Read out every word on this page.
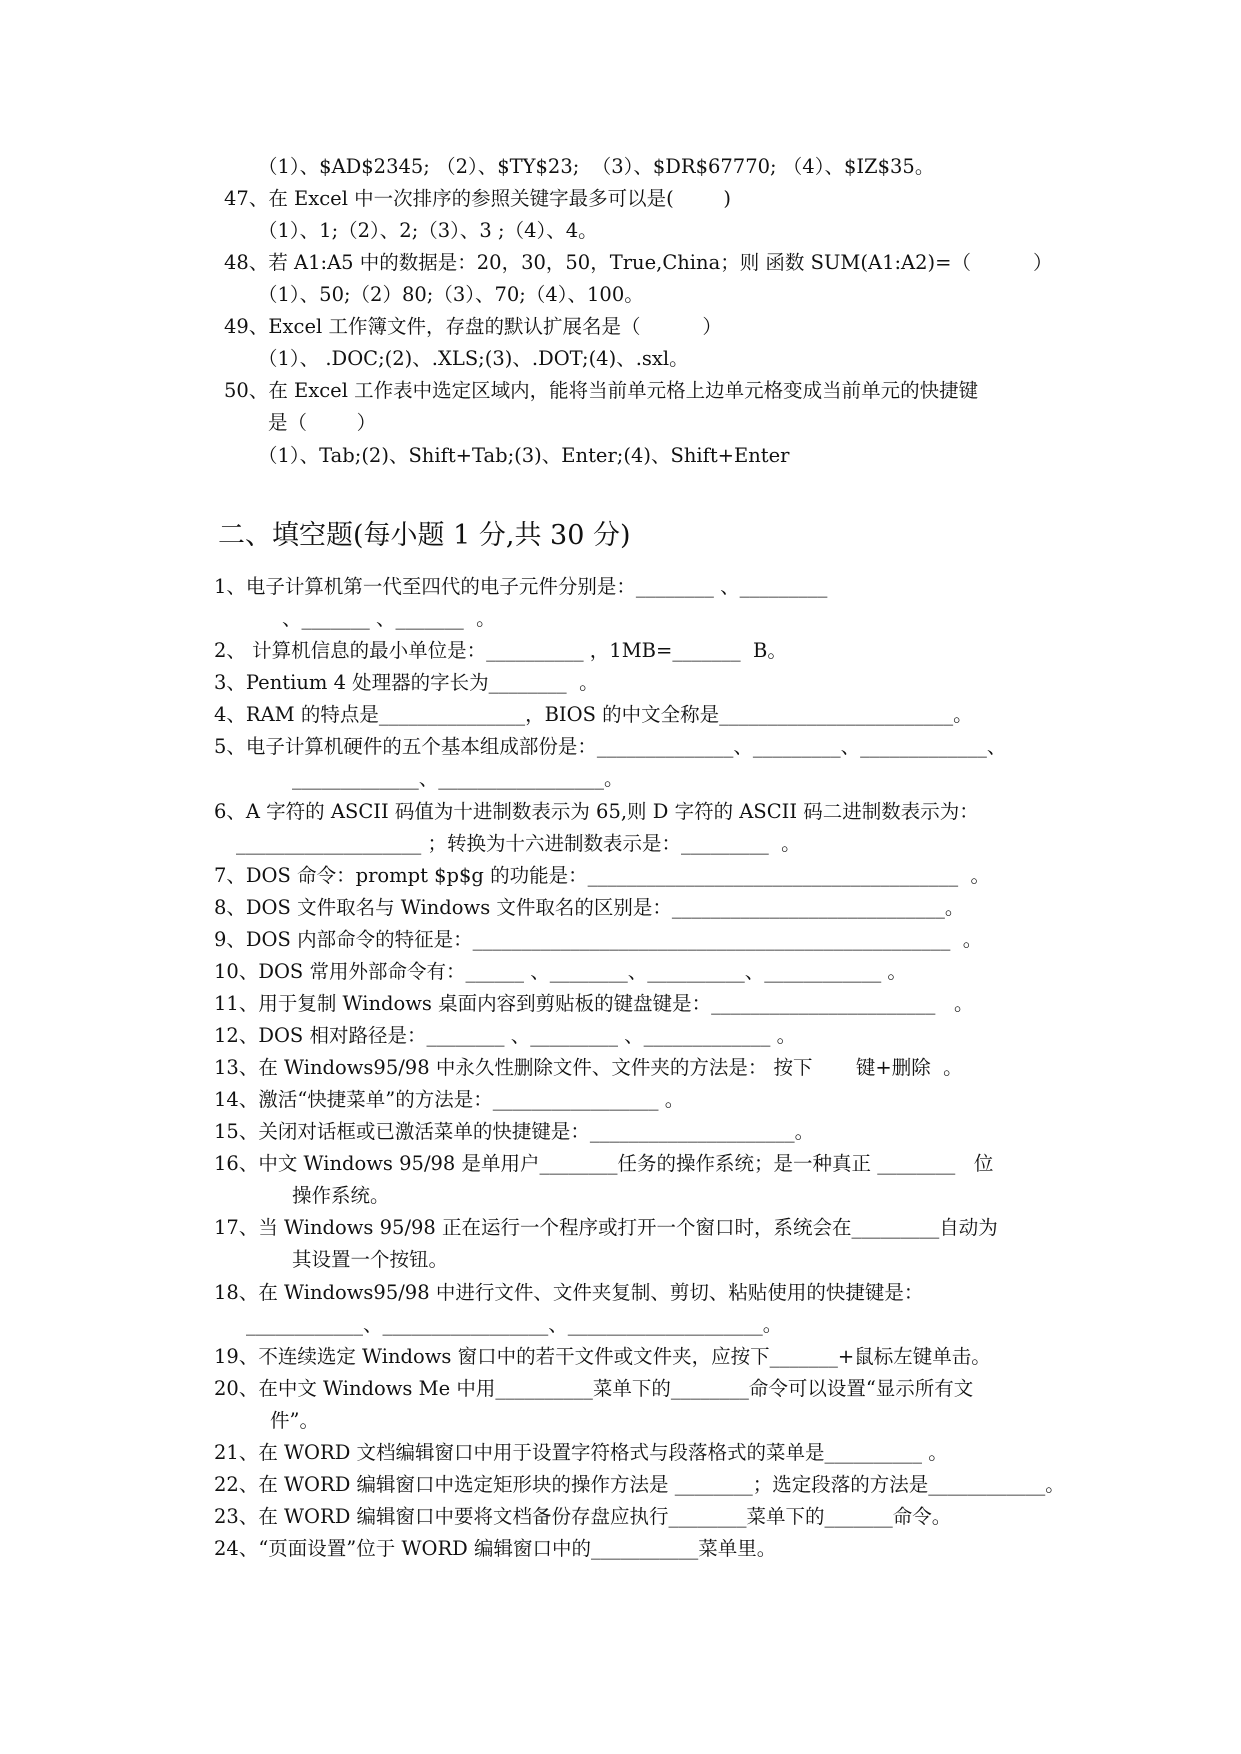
（1）、$AD$2345; （2）、$TY$23;  （3）、$DR$67770; （4）、$IZ$35。
47、在 Excel 中一次排序的参照关键字最多可以是(        )
（1）、1;（2）、2;（3）、3 ;（4）、4。
48、若 A1:A5 中的数据是：20，30，50，True,China；则 函数 SUM(A1:A2)=（          ）
（1）、50;（2）80;（3）、70;（4）、100。
49、Excel 工作簿文件，存盘的默认扩展名是（          ）
（1）、 .DOC;(2)、.XLS;(3)、.DOT;(4)、.sxl。
50、在 Excel 工作表中选定区域内，能将当前单元格上边单元格变成当前单元的快捷键
是（        ）
（1）、Tab;(2)、Shift+Tab;(3)、Enter;(4)、Shift+Enter
二、填空题(每小题 1 分,共 30 分)
1、电子计算机第一代至四代的电子元件分别是：________ 、_________
、_______ 、_______  。
2、 计算机信息的最小单位是：__________ ，1MB=_______  B。
3、Pentium 4 处理器的字长为________  。
4、RAM 的特点是_______________，BIOS 的中文全称是________________________。
5、电子计算机硬件的五个基本组成部份是：______________、_________、_____________、
_____________、_________________。
6、A 字符的 ASCII 码值为十进制数表示为 65,则 D 字符的 ASCII 码二进制数表示为：
___________________ ；转换为十六进制数表示是：_________  。
7、DOS 命令：prompt $p$g 的功能是：______________________________________  。
8、DOS 文件取名与 Windows 文件取名的区别是：____________________________。
9、DOS 内部命令的特征是：_________________________________________________  。
10、DOS 常用外部命令有：______ 、________、__________、____________ 。
11、用于复制 Windows 桌面内容到剪贴板的键盘键是：_______________________   。
12、DOS 相对路径是：________ 、_________ 、_____________ 。
13、在 Windows95/98 中永久性删除文件、文件夹的方法是： 按下       键+删除  。
14、激活“快捷菜单”的方法是：_________________ 。
15、关闭对话框或已激活菜单的快捷键是：_____________________。
16、中文 Windows 95/98 是单用户________任务的操作系统；是一种真正 ________   位
操作系统。
17、当 Windows 95/98 正在运行一个程序或打开一个窗口时，系统会在_________自动为
其设置一个按钮。
18、在 Windows95/98 中进行文件、文件夹复制、剪切、粘贴使用的快捷键是：
____________、_________________、____________________。
19、不连续选定 Windows 窗口中的若干文件或文件夹，应按下_______+鼠标左键单击。
20、在中文 Windows Me 中用__________菜单下的________命令可以设置“显示所有文
件”。
21、在 WORD 文档编辑窗口中用于设置字符格式与段落格式的菜单是__________ 。
22、在 WORD 编辑窗口中选定矩形块的操作方法是 ________；选定段落的方法是____________。
23、在 WORD 编辑窗口中要将文档备份存盘应执行________菜单下的_______命令。
24、“页面设置”位于 WORD 编辑窗口中的___________菜单里。
